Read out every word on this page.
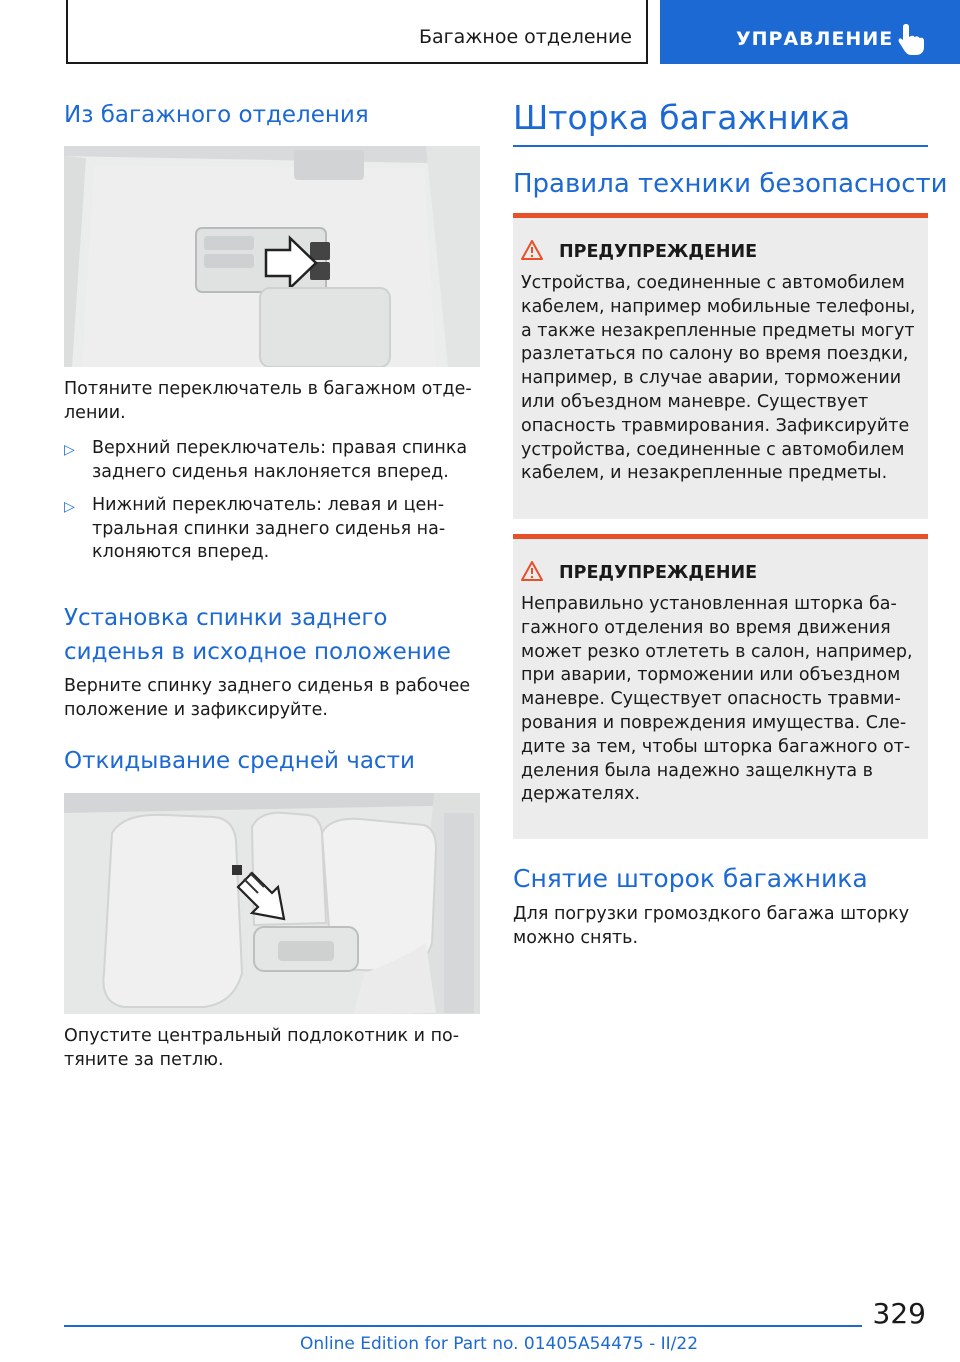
Багажное отделение	УПРАВЛЕНИЕ
Из багажного отделения

Потяните переключатель в багажном отде-
лении.

▷ Верхний переключатель: правая спинка
заднего сиденья наклоняется вперед.

▷ Нижний переключатель: левая и цен-
тральная спинки заднего сиденья на-
клоняются вперед.

Установка спинки заднего
сиденья в исходное положение

Верните спинку заднего сиденья в рабочее
положение и зафиксируйте.

Откидывание средней части

Опустите центральный подлокотник и по-
тяните за петлю.

Шторка багажника
Правила техники безопасности
ПРЕДУПРЕЖДЕНИЕ

Устройства, соединенные с автомобилем
кабелем, например мобильные телефоны,
а также незакрепленные предметы могут
разлетаться по салону во время поездки,
например, в случае аварии, торможении
или объездном маневре. Существует
опасность травмирования. Зафиксируйте
устройства, соединенные с автомобилем
кабелем, и незакрепленные предметы.

ПРЕДУПРЕЖДЕНИЕ

Неправильно установленная шторка ба-
гажного отделения во время движения
может резко отлететь в салон, например,
при аварии, торможении или объездном
маневре. Существует опасность травми-
рования и повреждения имущества. Сле-
дите за тем, чтобы шторка багажного от-
деления была надежно защелкнута в
держателях.

Снятие шторок багажника

Для погрузки громоздкого багажа шторку
можно снять.

329
Online Edition for Part no. 01405A54475 - II/22
